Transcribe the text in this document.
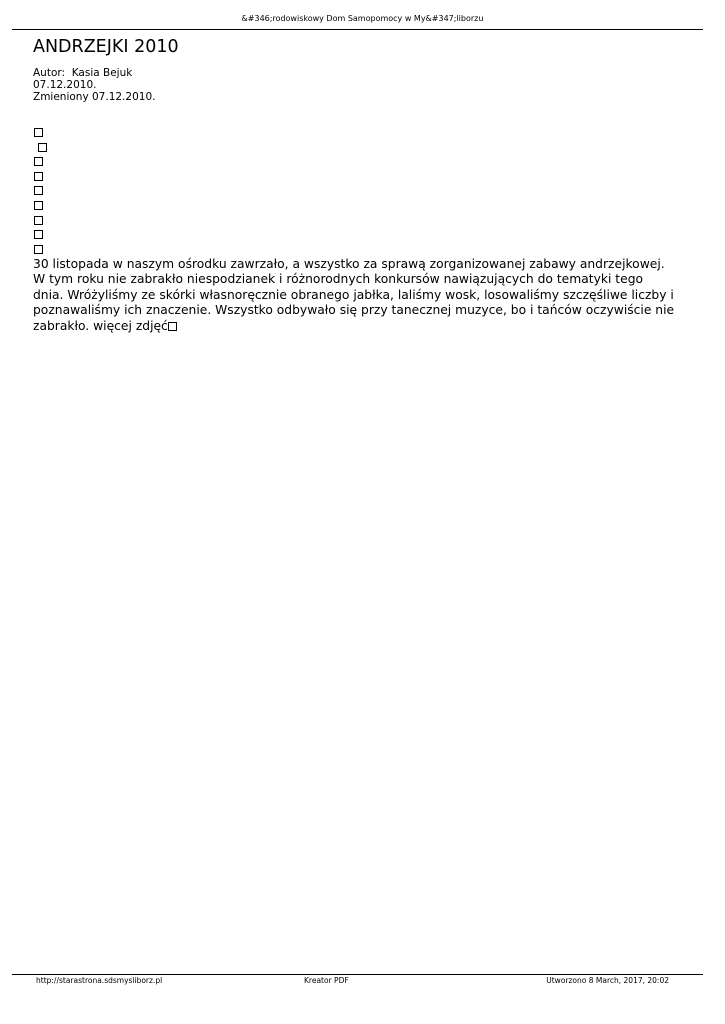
&#346;rodowiskowy Dom Samopomocy w My&#347;liborzu
ANDRZEJKI 2010
Autor:  Kasia Bejuk
07.12.2010.
Zmieniony 07.12.2010.

30 listopada w naszym ośrodku zawrzało, a wszystko za sprawą zorganizowanej zabawy andrzejkowej.
W tym roku nie zabrakło niespodzianek i różnorodnych konkursów nawiązujących do tematyki tego
dnia. Wróżyliśmy ze skórki własnoręcznie obranego jabłka, laliśmy wosk, losowaliśmy szczęśliwe liczby i
poznawaliśmy ich znaczenie. Wszystko odbywało się przy tanecznej muzyce, bo i tańców oczywiście nie
zabrakło. więcej zdjęć
http://starastrona.sdsmysliborz.pl	Kreator PDF	Utworzono 8 March, 2017, 20:02
